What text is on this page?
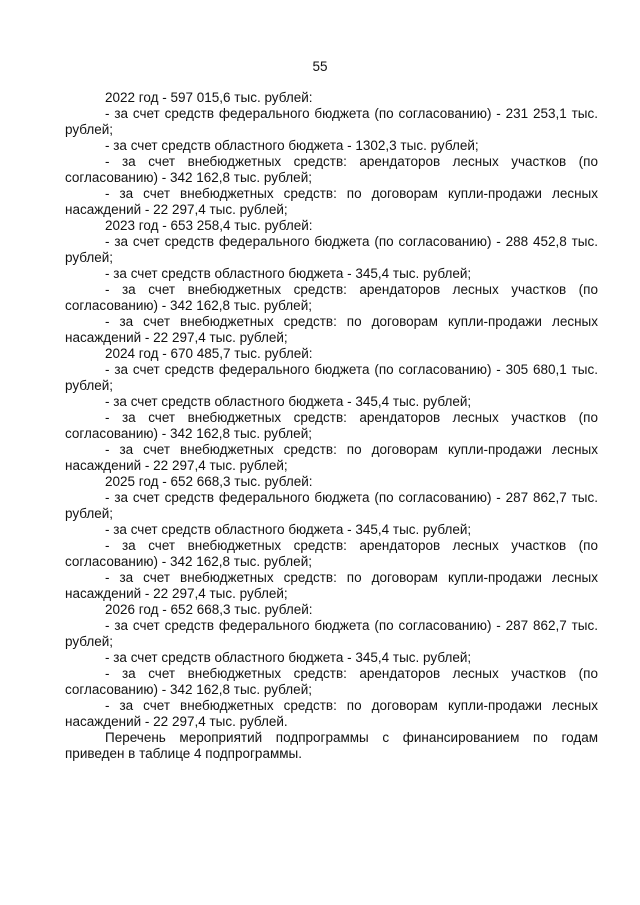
55

2022 год - 597 015,6 тыс. рублей:

- за счет средств федерального бюджета (по согласованию) - 231 253,1 тыс. рублей;

- за счет средств областного бюджета - 1302,3 тыс. рублей;

- за счет внебюджетных средств: арендаторов лесных участков (по согласованию) - 342 162,8 тыс. рублей;

- за счет внебюджетных средств: по договорам купли-продажи лесных насаждений - 22 297,4 тыс. рублей;

2023 год - 653 258,4 тыс. рублей:

- за счет средств федерального бюджета (по согласованию) - 288 452,8 тыс. рублей;

- за счет средств областного бюджета - 345,4 тыс. рублей;

- за счет внебюджетных средств: арендаторов лесных участков (по согласованию) - 342 162,8 тыс. рублей;

- за счет внебюджетных средств: по договорам купли-продажи лесных насаждений - 22 297,4 тыс. рублей;

2024 год - 670 485,7 тыс. рублей:

- за счет средств федерального бюджета (по согласованию) - 305 680,1 тыс. рублей;

- за счет средств областного бюджета - 345,4 тыс. рублей;

- за счет внебюджетных средств: арендаторов лесных участков (по согласованию) - 342 162,8 тыс. рублей;

- за счет внебюджетных средств: по договорам купли-продажи лесных насаждений - 22 297,4 тыс. рублей;

2025 год - 652 668,3 тыс. рублей:

- за счет средств федерального бюджета (по согласованию) - 287 862,7 тыс. рублей;

- за счет средств областного бюджета - 345,4 тыс. рублей;

- за счет внебюджетных средств: арендаторов лесных участков (по согласованию) - 342 162,8 тыс. рублей;

- за счет внебюджетных средств: по договорам купли-продажи лесных насаждений - 22 297,4 тыс. рублей;

2026 год - 652 668,3 тыс. рублей:

- за счет средств федерального бюджета (по согласованию) - 287 862,7 тыс. рублей;

- за счет средств областного бюджета - 345,4 тыс. рублей;

- за счет внебюджетных средств: арендаторов лесных участков (по согласованию) - 342 162,8 тыс. рублей;

- за счет внебюджетных средств: по договорам купли-продажи лесных насаждений - 22 297,4 тыс. рублей.

Перечень мероприятий подпрограммы с финансированием по годам приведен в таблице 4 подпрограммы.
